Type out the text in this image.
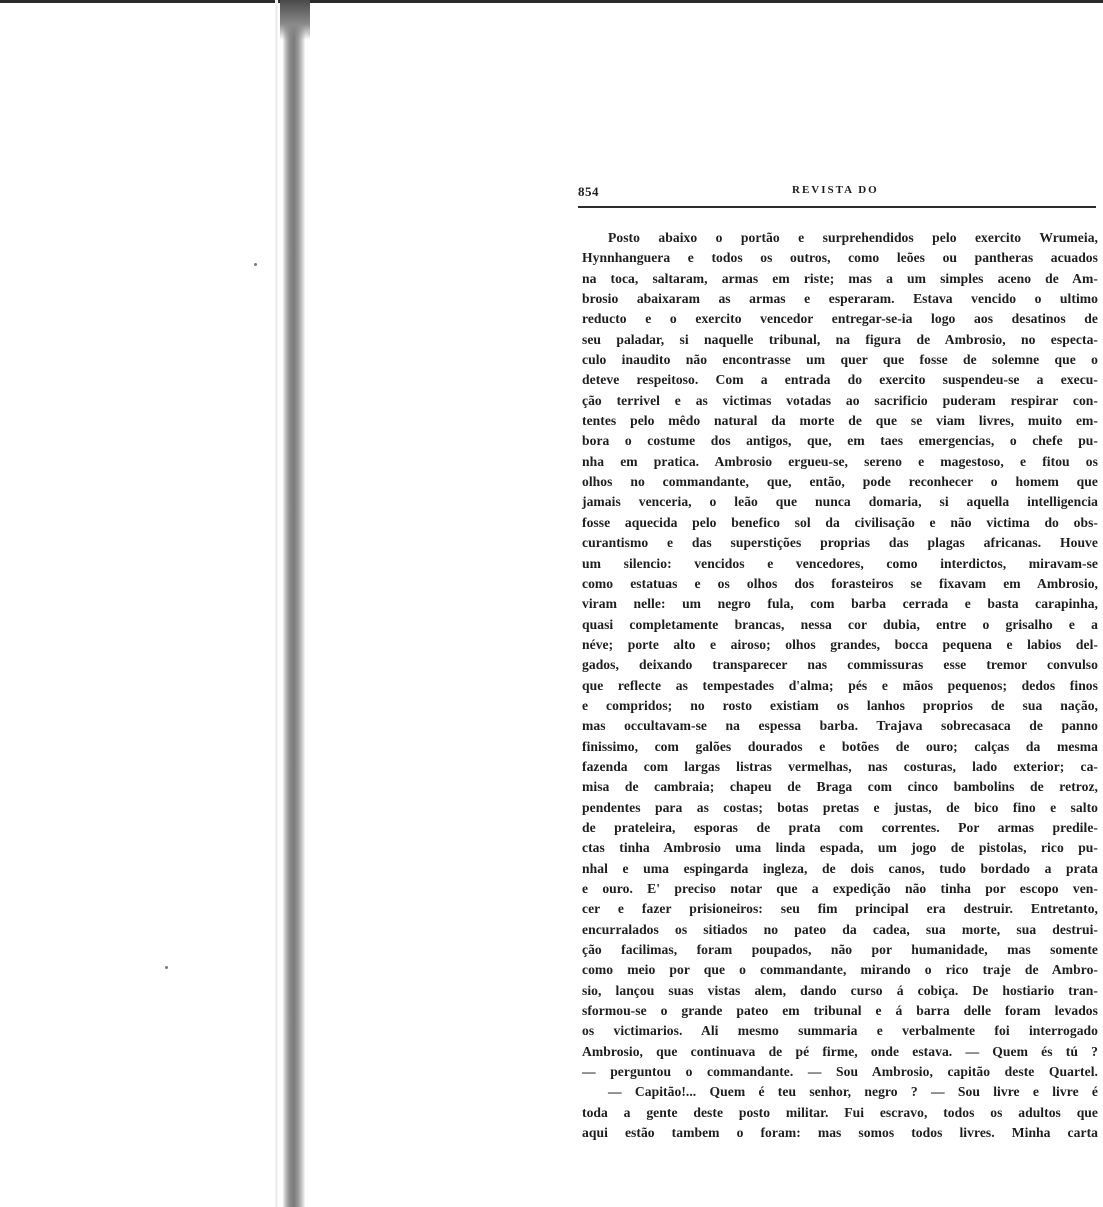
854	REVISTA DO
Posto abaixo o portão e surprehendidos pelo exercito Wrumeia,
Hynnhanguera e todos os outros, como leões ou pantheras acuados
na toca, saltaram, armas em riste; mas a um simples aceno de Am-
brosio abaixaram as armas e esperaram. Estava vencido o ultimo
reducto e o exercito vencedor entregar-se-ia logo aos desatinos de
seu paladar, si naquelle tribunal, na figura de Ambrosio, no especta-
culo inaudito não encontrasse um quer que fosse de solemne que o
deteve respeitoso. Com a entrada do exercito suspendeu-se a execu-
ção terrivel e as victimas votadas ao sacrificio puderam respirar con-
tentes pelo mêdo natural da morte de que se viam livres, muito em-
bora o costume dos antigos, que, em taes emergencias, o chefe pu-
nha em pratica. Ambrosio ergueu-se, sereno e magestoso, e fitou os
olhos no commandante, que, então, pode reconhecer o homem que
jamais venceria, o leão que nunca domaria, si aquella intelligencia
fosse aquecida pelo benefico sol da civilisação e não victima do obs-
curantismo e das superstições proprias das plagas africanas. Houve
um silencio: vencidos e vencedores, como interdictos, miravam-se
como estatuas e os olhos dos forasteiros se fixavam em Ambrosio,
viram nelle: um negro fula, com barba cerrada e basta carapinha,
quasi completamente brancas, nessa cor dubia, entre o grisalho e a
néve; porte alto e airoso; olhos grandes, bocca pequena e labios del-
gados, deixando transparecer nas commissuras esse tremor convulso
que reflecte as tempestades d'alma; pés e mãos pequenos; dedos finos
e compridos; no rosto existiam os lanhos proprios de sua nação,
mas occultavam-se na espessa barba. Trajava sobrecasaca de panno
finissimo, com galões dourados e botões de ouro; calças da mesma
fazenda com largas listras vermelhas, nas costuras, lado exterior; ca-
misa de cambraia; chapeu de Braga com cinco bambolins de retroz,
pendentes para as costas; botas pretas e justas, de bico fino e salto
de prateleira, esporas de prata com correntes. Por armas predile-
ctas tinha Ambrosio uma linda espada, um jogo de pistolas, rico pu-
nhal e uma espingarda ingleza, de dois canos, tudo bordado a prata
e ouro. E' preciso notar que a expedição não tinha por escopo ven-
cer e fazer prisioneiros: seu fim principal era destruir. Entretanto,
encurralados os sitiados no pateo da cadea, sua morte, sua destrui-
ção facilimas, foram poupados, não por humanidade, mas somente
como meio por que o commandante, mirando o rico traje de Ambro-
sio, lançou suas vistas alem, dando curso á cobiça. De hostiario tran-
sformou-se o grande pateo em tribunal e á barra delle foram levados
os victimarios. Ali mesmo summaria e verbalmente foi interrogado
Ambrosio, que continuava de pé firme, onde estava. — Quem és tú ?
— perguntou o commandante. — Sou Ambrosio, capitão deste Quartel.
— Capitão!... Quem é teu senhor, negro ? — Sou livre e livre é
toda a gente deste posto militar. Fui escravo, todos os adultos que
aqui estão tambem o foram: mas somos todos livres. Minha carta
